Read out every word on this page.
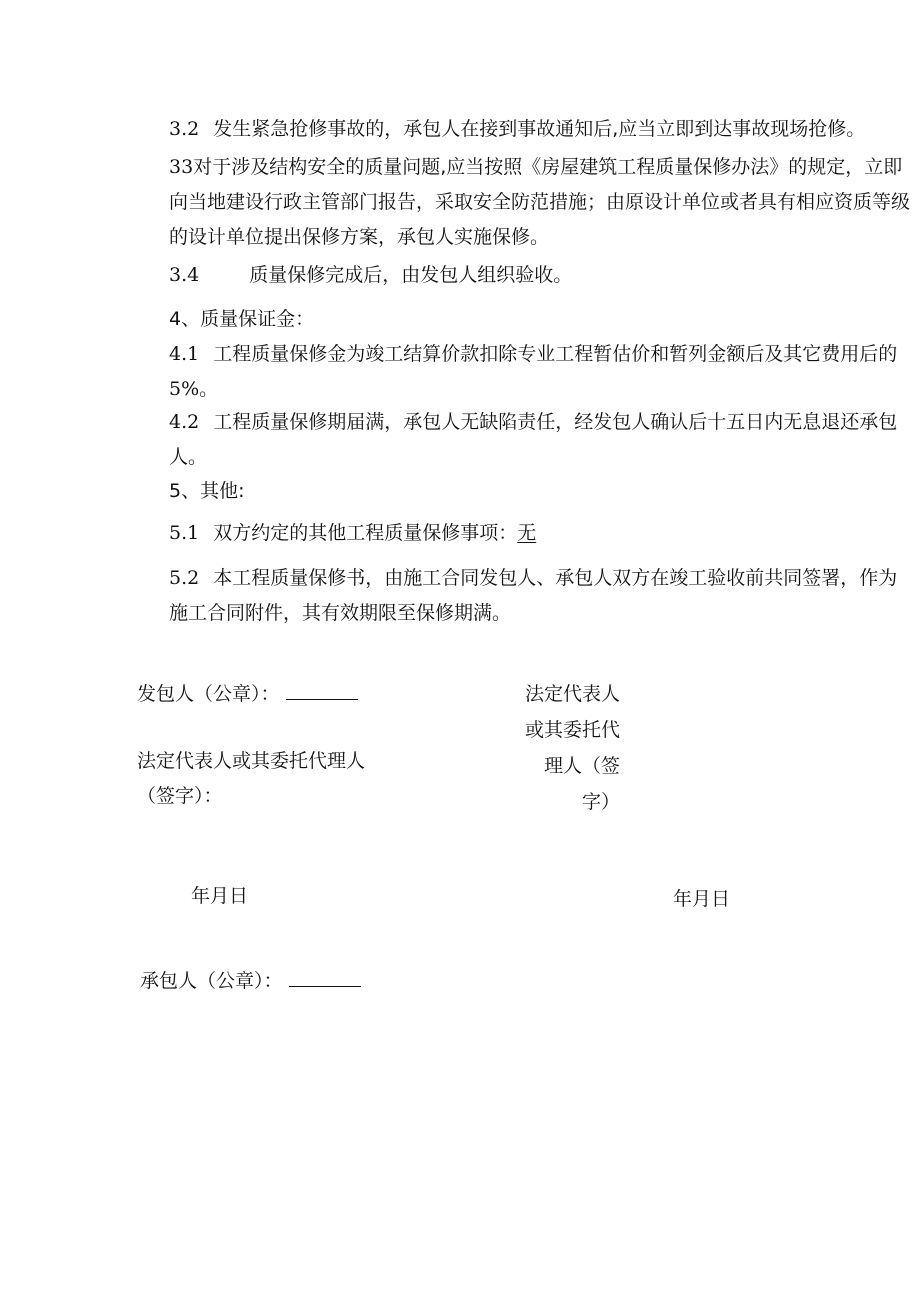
3.2 发生紧急抢修事故的，承包人在接到事故通知后,应当立即到达事故现场抢修。

33对于涉及结构安全的质量问题,应当按照《房屋建筑工程质量保修办法》的规定，立即向当地建设行政主管部门报告，采取安全防范措施；由原设计单位或者具有相应资质等级的设计单位提出保修方案，承包人实施保修。

3.4	质量保修完成后，由发包人组织验收。

4、质量保证金：

4.1 工程质量保修金为竣工结算价款扣除专业工程暂估价和暂列金额后及其它费用后的5%。

4.2 工程质量保修期届满，承包人无缺陷责任，经发包人确认后十五日内无息退还承包人。

5、其他:

5.1 双方约定的其他工程质量保修事项：无

5.2 本工程质量保修书，由施工合同发包人、承包人双方在竣工验收前共同签署，作为施工合同附件，其有效期限至保修期满。

发包人（公章）：
法定代表人或其委托代理人
（签字）：
法定代表人
或其委托代
理人（签
字）
年月日	年月日
承包人（公章）：
